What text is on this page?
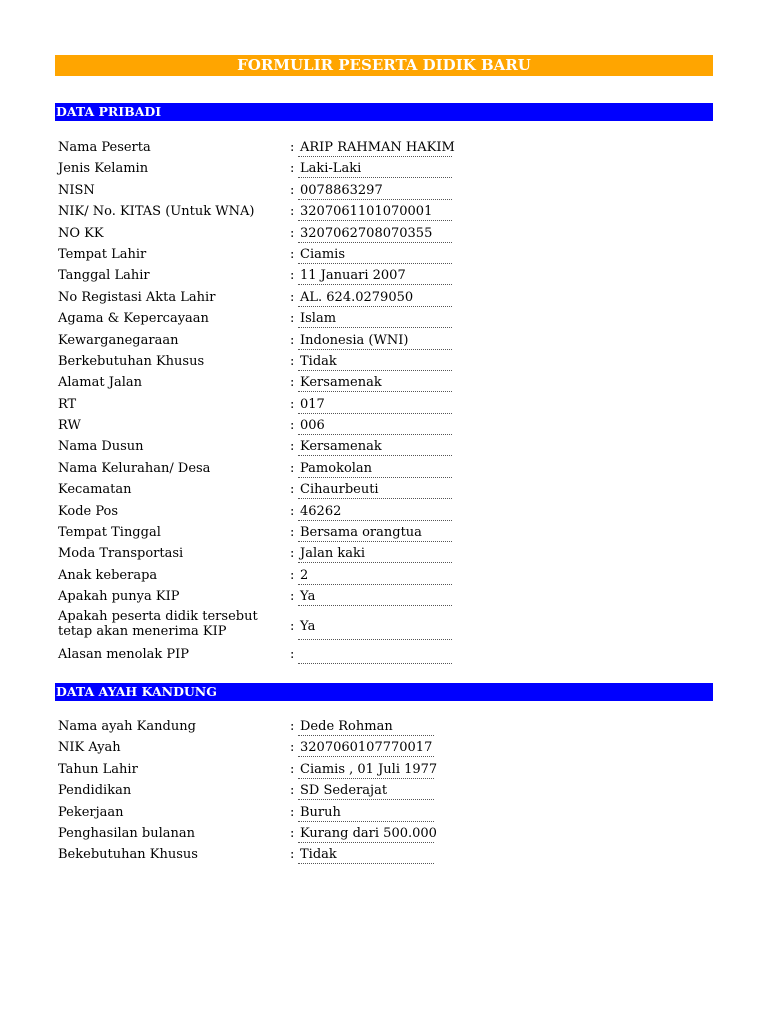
FORMULIR PESERTA DIDIK BARU
DATA PRIBADI
Nama Peserta	: ARIP RAHMAN HAKIM
Jenis Kelamin	: Laki-Laki
NISN	: 0078863297
NIK/ No. KITAS (Untuk WNA)	: 3207061101070001
NO KK	: 3207062708070355
Tempat Lahir	: Ciamis
Tanggal Lahir	: 11 Januari 2007
No Registasi Akta Lahir	: AL. 624.0279050
Agama & Kepercayaan	: Islam
Kewarganegaraan	: Indonesia (WNI)
Berkebutuhan Khusus	: Tidak
Alamat Jalan	: Kersamenak
RT	: 017
RW	: 006
Nama Dusun	: Kersamenak
Nama Kelurahan/ Desa	: Pamokolan
Kecamatan	: Cihaurbeuti
Kode Pos	: 46262
Tempat Tinggal	: Bersama orangtua
Moda Transportasi	: Jalan kaki
Anak keberapa	: 2
Apakah punya KIP	: Ya
Apakah peserta didik tersebut tetap akan menerima KIP	: Ya
Alasan menolak PIP	:
DATA AYAH KANDUNG
Nama ayah Kandung	: Dede Rohman
NIK Ayah	: 3207060107770017
Tahun Lahir	: Ciamis , 01 Juli 1977
Pendidikan	: SD Sederajat
Pekerjaan	: Buruh
Penghasilan bulanan	: Kurang dari 500.000
Bekebutuhan Khusus	: Tidak
